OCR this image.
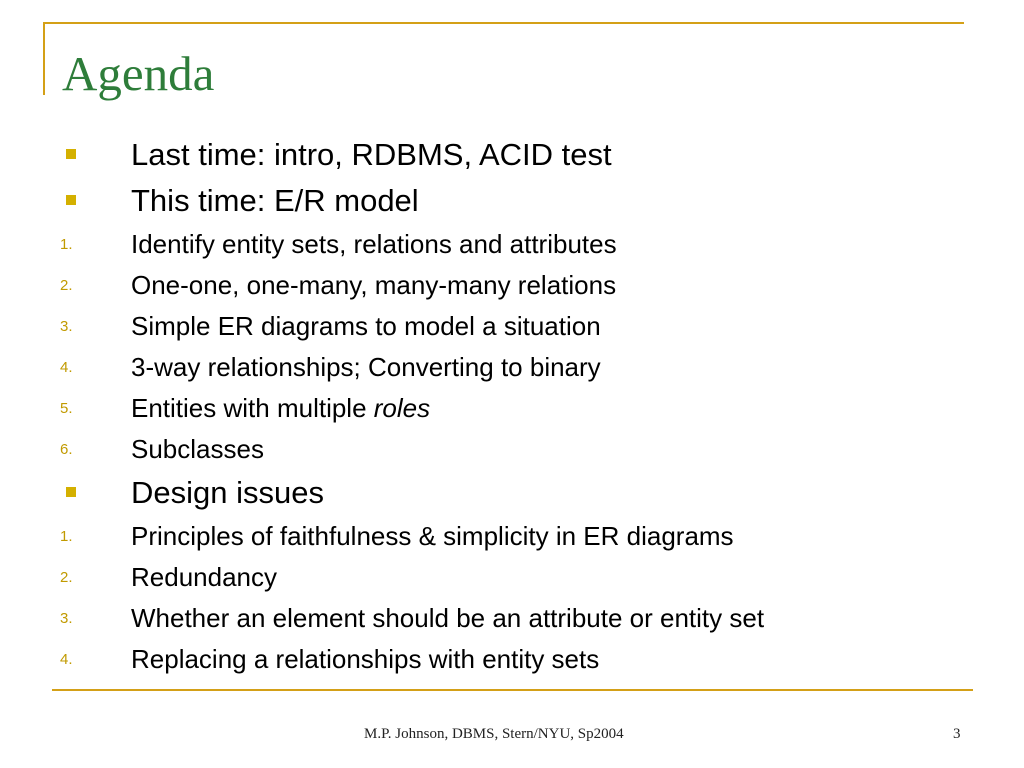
Agenda
Last time: intro, RDBMS, ACID test
This time: E/R model
1. Identify entity sets, relations and attributes
2. One-one, one-many, many-many relations
3. Simple ER diagrams to model a situation
4. 3-way relationships; Converting to binary
5. Entities with multiple roles
6. Subclasses
Design issues
1. Principles of faithfulness & simplicity in ER diagrams
2. Redundancy
3. Whether an element should be an attribute or entity set
4. Replacing a relationships with entity sets
M.P. Johnson, DBMS, Stern/NYU, Sp2004	3
